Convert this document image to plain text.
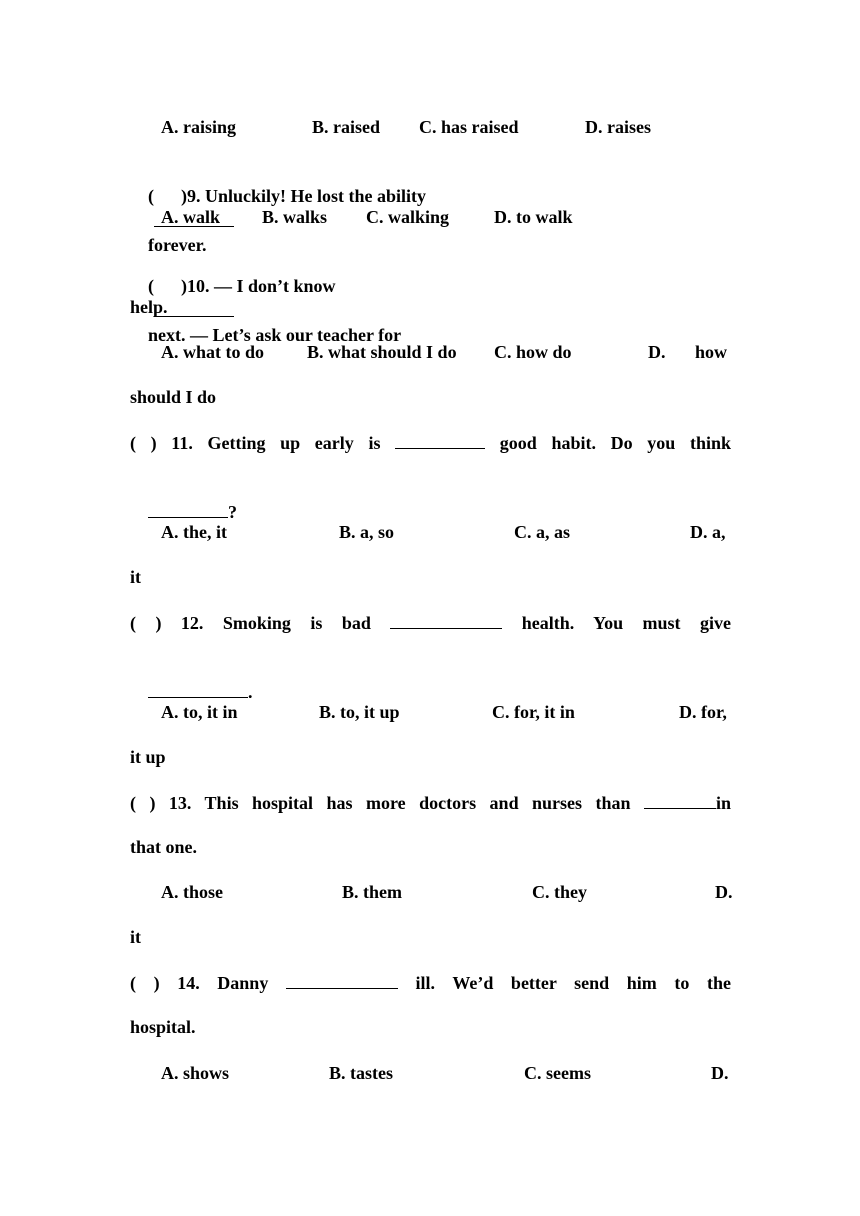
A. raising	B. raised C. has raised	D. raises

(      )9. Unluckily! He lost the ability

forever.

A. walk B. walks C. walking D. to walk

(      )10. — I don’t know

next. — Let’s ask our teacher for

help.
A. what to do B. what should I do C. how do	D. how
should I do
( ) 11. Getting up early is	good habit. Do you think

?

A. the, it	B. a, so	C. a, as	D. a,
it
( ) 12. Smoking is bad	health. You must give

.

A. to, it in	B. to, it up	C. for, it in	D. for,
it up
( ) 13. This hospital has more doctors and nurses than	in
that one.
A. those	B. them	C. they	D.
it
( ) 14. Danny	ill. We’d better send him to the
hospital.
A. shows	B. tastes	C. seems	D.
